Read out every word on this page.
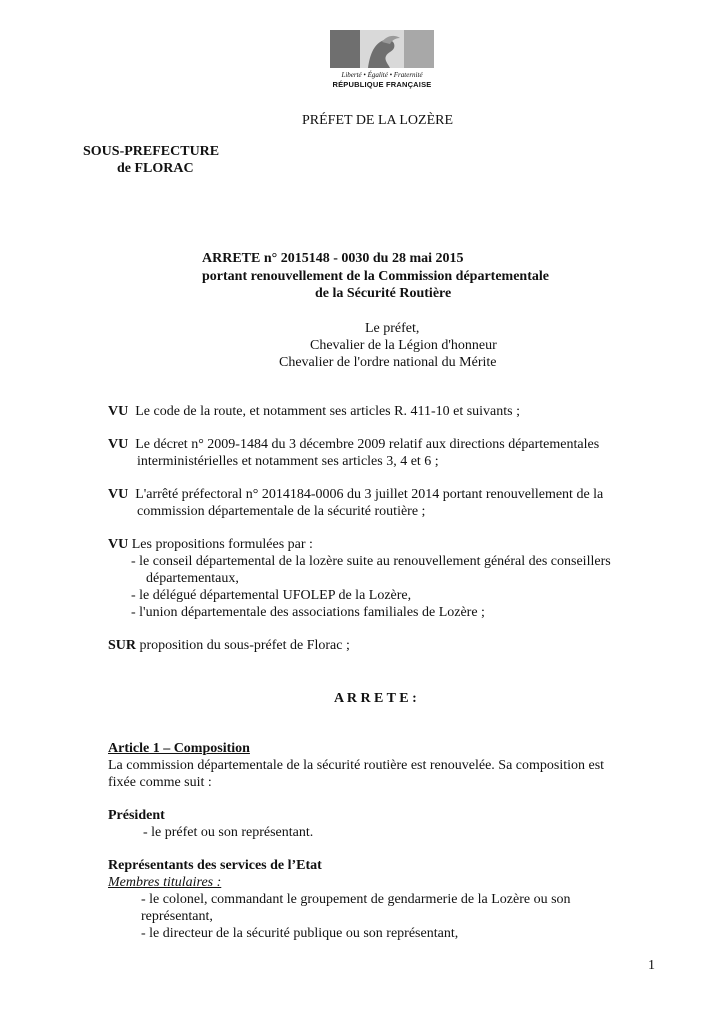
Liberté • Égalité • Fraternité
RÉPUBLIQUE FRANÇAISE
PRÉFET DE LA LOZÈRE
SOUS-PREFECTURE
de FLORAC
ARRETE n° 2015148 - 0030 du 28 mai 2015
portant renouvellement de la Commission départementale
de la Sécurité Routière
Le préfet,
Chevalier de la Légion d'honneur
Chevalier de l'ordre national du Mérite
VU Le code de la route, et notamment ses articles R. 411-10 et suivants ;
VU Le décret n° 2009-1484 du 3 décembre 2009 relatif aux directions départementales
interministérielles et notamment ses articles 3, 4 et 6 ;
VU L'arrêté préfectoral n° 2014184-0006 du 3 juillet 2014 portant renouvellement de la
commission départementale de la sécurité routière ;
VU Les propositions formulées par :
- le conseil départemental de la lozère suite au renouvellement général des conseillers
départementaux,
- le délégué départemental UFOLEP de la Lozère,
- l'union départementale des associations familiales de Lozère ;
SUR proposition du sous-préfet de Florac ;
A R R E T E :
Article 1 – Composition
La commission départementale de la sécurité routière est renouvelée. Sa composition est
fixée comme suit :
Président
- le préfet ou son représentant.
Représentants des services de l’Etat
Membres titulaires :
- le colonel, commandant le groupement de gendarmerie de la Lozère ou son
représentant,
- le directeur de la sécurité publique ou son représentant,
1
